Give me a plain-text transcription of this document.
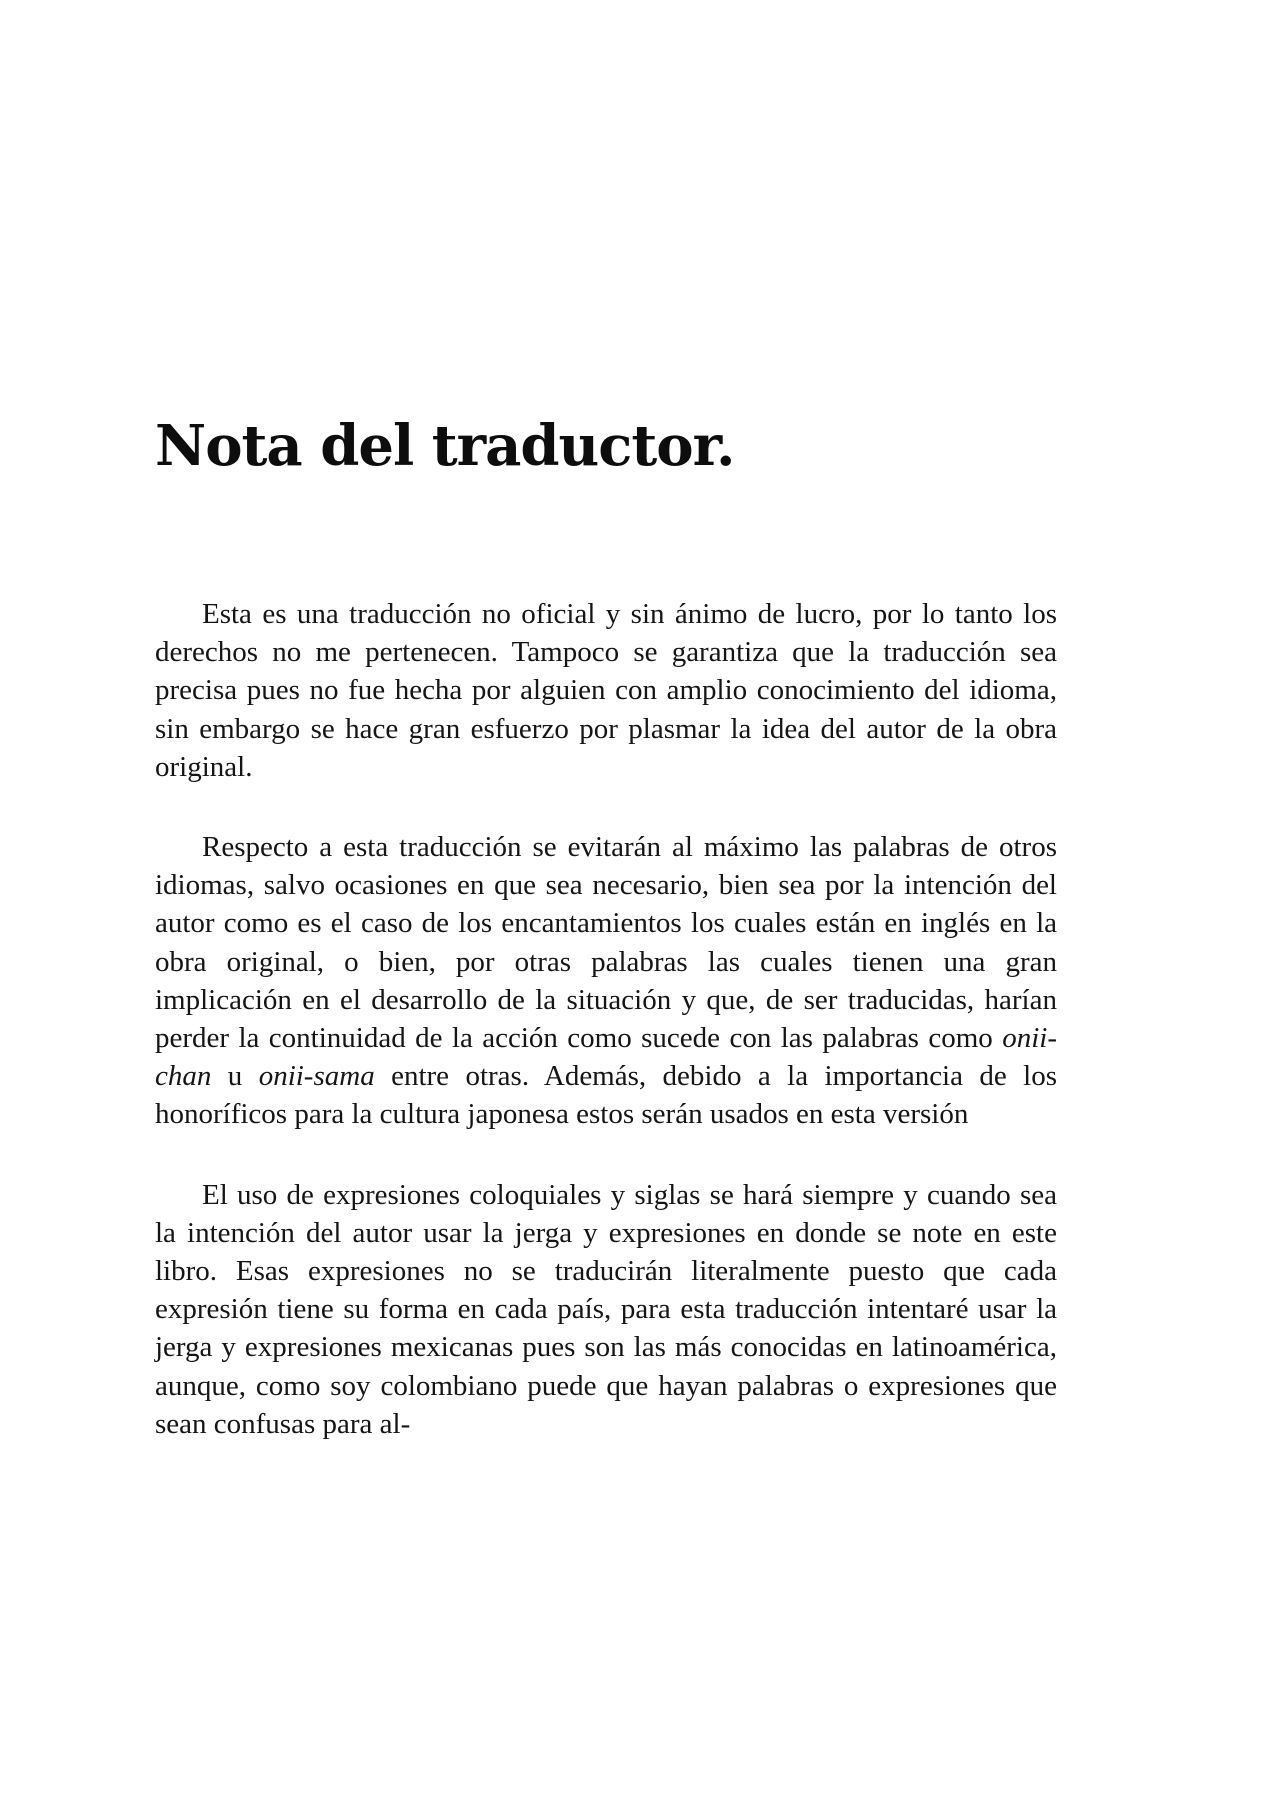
Nota del traductor.

Esta es una traducción no oficial y sin ánimo de lucro, por lo tanto los derechos no me pertenecen. Tampoco se garantiza que la traducción sea precisa pues no fue hecha por alguien con amplio conocimiento del idioma, sin embargo se hace gran esfuerzo por plasmar la idea del autor de la obra original.

Respecto a esta traducción se evitarán al máximo las palabras de otros idiomas, salvo ocasiones en que sea necesario, bien sea por la intención del autor como es el caso de los encantamientos los cuales están en inglés en la obra original, o bien, por otras palabras las cuales tienen una gran implicación en el desarrollo de la situación y que, de ser traducidas, harían perder la continuidad de la acción como sucede con las palabras como onii-chan u onii-sama entre otras. Además, debido a la importancia de los honoríficos para la cultura japonesa estos serán usados en esta versión

El uso de expresiones coloquiales y siglas se hará siempre y cuando sea la intención del autor usar la jerga y expresiones en donde se note en este libro. Esas expresiones no se traducirán literalmente puesto que cada expresión tiene su forma en cada país, para esta traducción intentaré usar la jerga y expresiones mexicanas pues son las más conocidas en latinoamérica, aunque, como soy colombiano puede que hayan palabras o expresiones que sean confusas para al-
